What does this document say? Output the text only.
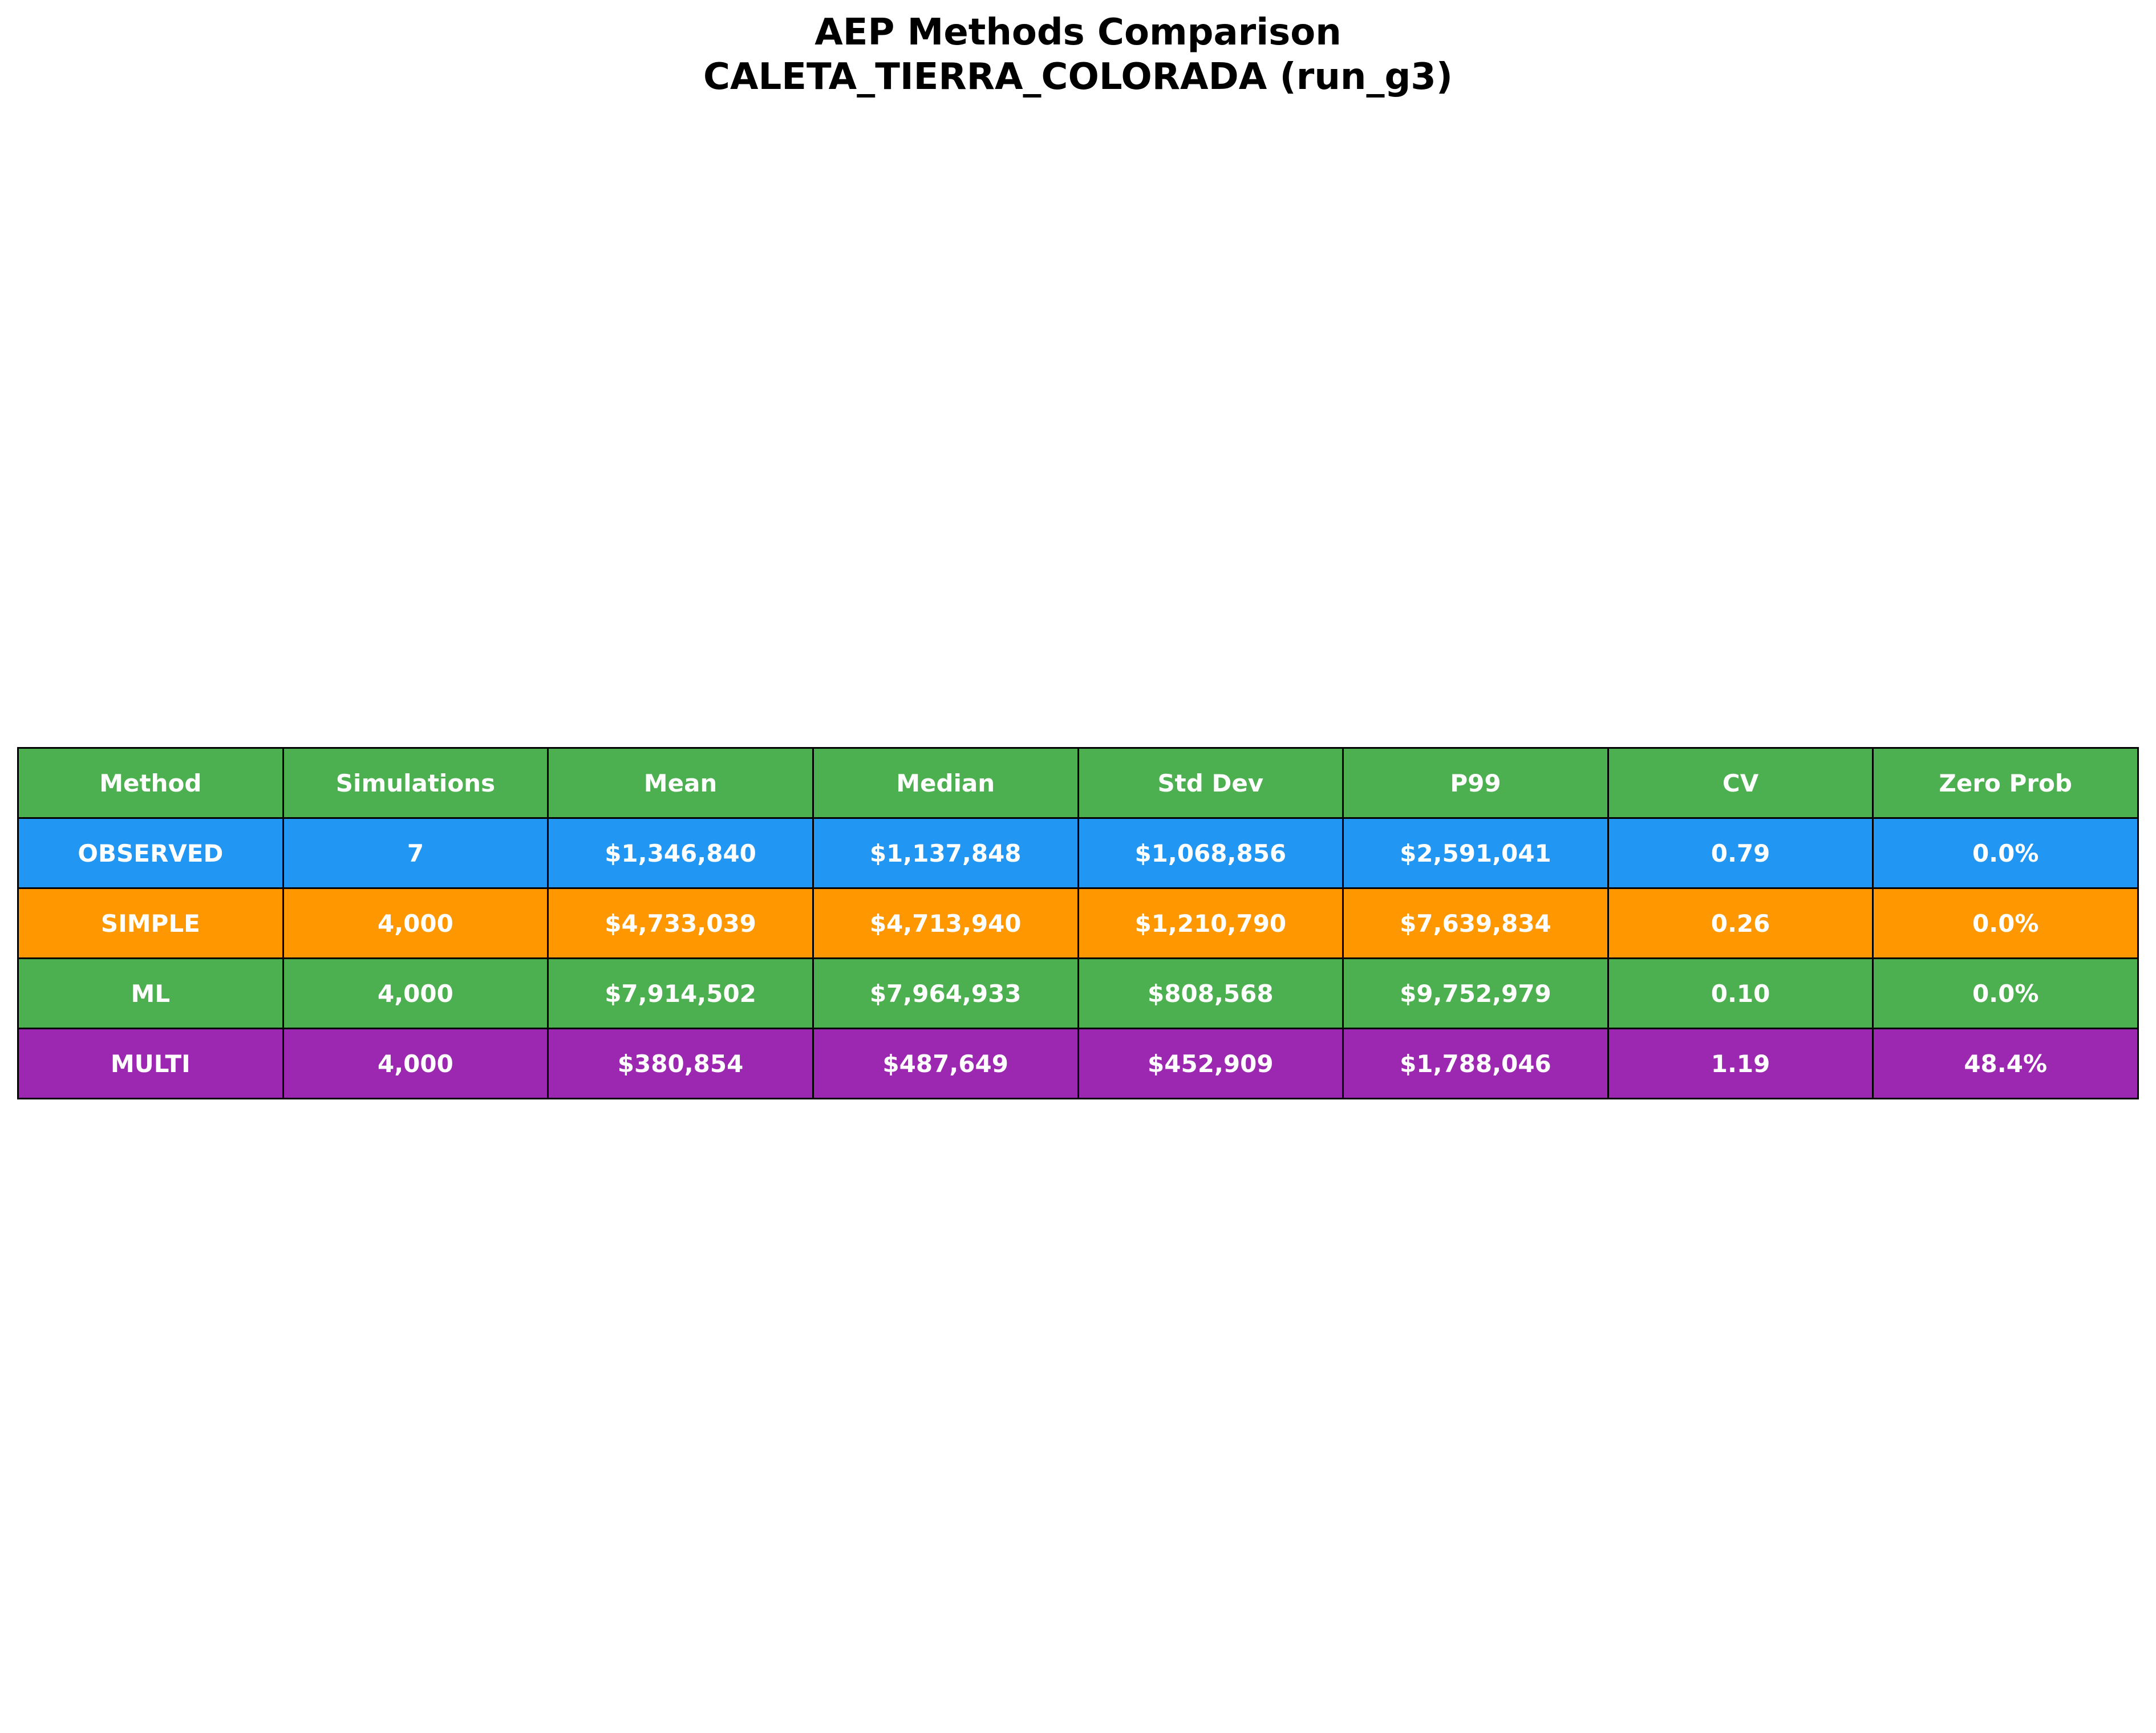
AEP Methods Comparison
CALETA_TIERRA_COLORADA (run_g3)
Method	Simulations	Mean	Median	Std Dev	P99	CV	Zero Prob
OBSERVED	7	$1,346,840	$1,137,848	$1,068,856	$2,591,041	0.79	0.0%
SIMPLE	4,000	$4,733,039	$4,713,940	$1,210,790	$7,639,834	0.26	0.0%
ML	4,000	$7,914,502	$7,964,933	$808,568	$9,752,979	0.10	0.0%
MULTI	4,000	$380,854	$487,649	$452,909	$1,788,046	1.19	48.4%
